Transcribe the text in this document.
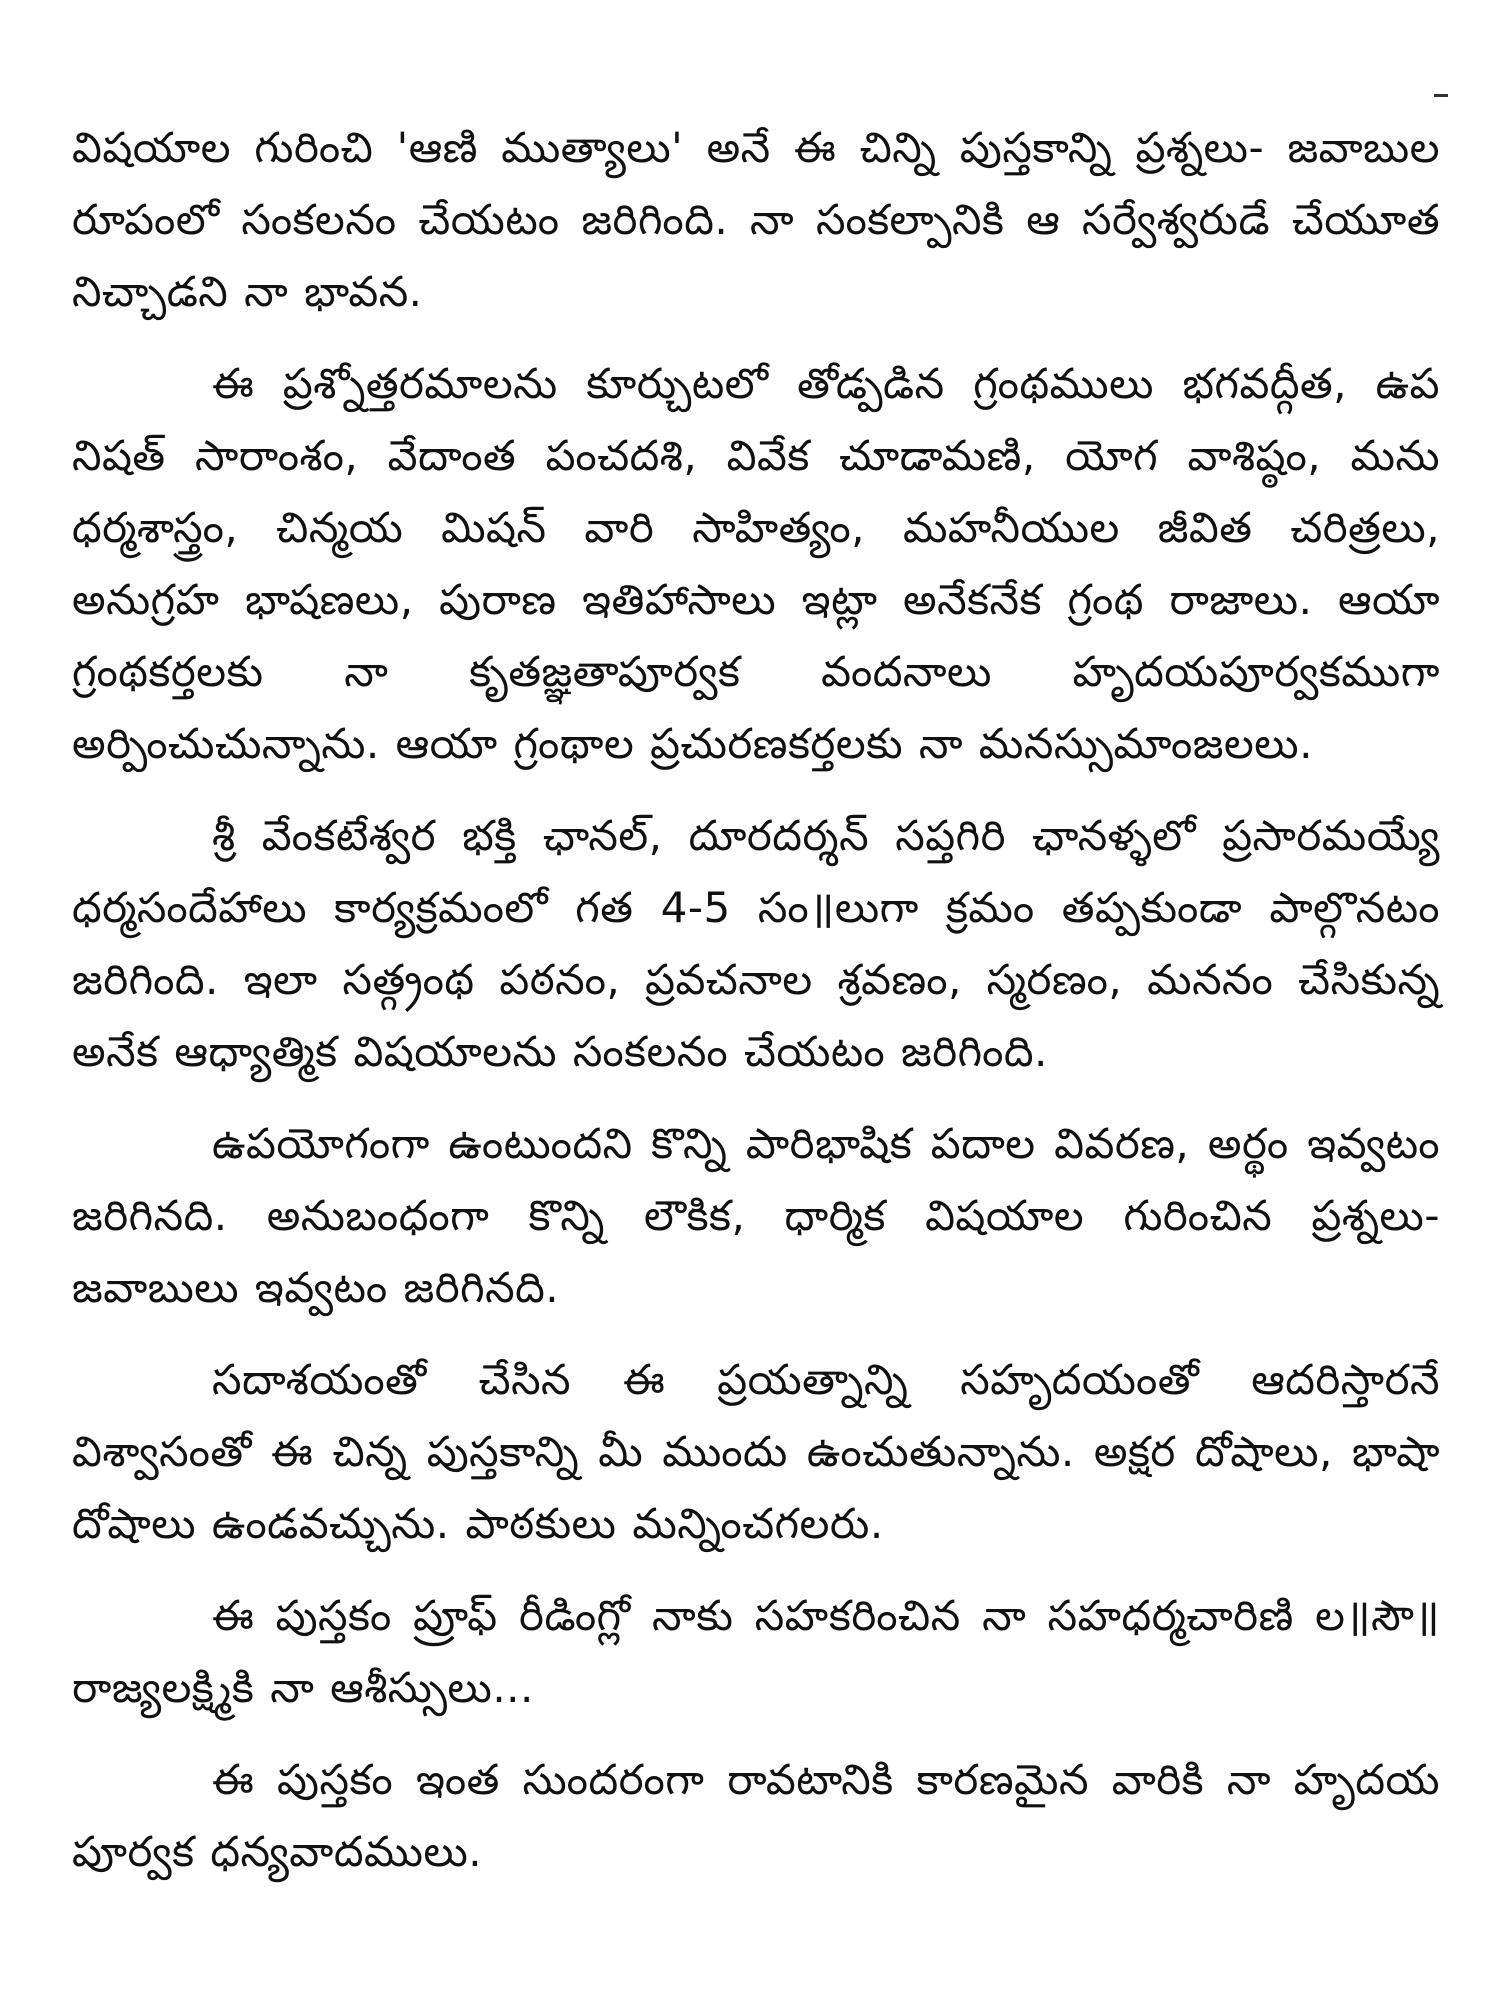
విషయాల గురించి 'ఆణి ముత్యాలు' అనే ఈ చిన్ని పుస్తకాన్ని ప్రశ్నలు- జవాబుల రూపంలో సంకలనం చేయటం జరిగింది. నా సంకల్పానికి ఆ సర్వేశ్వరుడే చేయూత నిచ్చాడని నా భావన.

ఈ ప్రశ్నోత్తరమాలను కూర్చుటలో తోడ్పడిన గ్రంథములు భగవద్గీత, ఉప నిషత్ సారాంశం, వేదాంత పంచదశి, వివేక చూడామణి, యోగ వాశిష్ఠం, మను ధర్మశాస్త్రం, చిన్మయ మిషన్ వారి సాహిత్యం, మహనీయుల జీవిత చరిత్రలు, అనుగ్రహ భాషణలు, పురాణ ఇతిహాసాలు ఇట్లా అనేకనేక గ్రంథ రాజాలు. ఆయా గ్రంథకర్తలకు నా కృతజ్ఞతాపూర్వక వందనాలు హృదయపూర్వకముగా అర్పించుచున్నాను. ఆయా గ్రంథాల ప్రచురణకర్తలకు నా మనస్సుమాంజలలు.

శ్రీ వేంకటేశ్వర భక్తి ఛానల్, దూరదర్శన్ సప్తగిరి ఛానళ్ళలో ప్రసారమయ్యే ధర్మసందేహాలు కార్యక్రమంలో గత 4-5 సం॥లుగా క్రమం తప్పకుండా పాల్గొనటం జరిగింది. ఇలా సత్గ్రంథ పఠనం, ప్రవచనాల శ్రవణం, స్మరణం, మననం చేసికున్న అనేక ఆధ్యాత్మిక విషయాలను సంకలనం చేయటం జరిగింది.

ఉపయోగంగా ఉంటుందని కొన్ని పారిభాషిక పదాల వివరణ, అర్థం ఇవ్వటం జరిగినది. అనుబంధంగా కొన్ని లౌకిక, ధార్మిక విషయాల గురించిన ప్రశ్నలు- జవాబులు ఇవ్వటం జరిగినది.

సదాశయంతో చేసిన ఈ ప్రయత్నాన్ని సహృదయంతో ఆదరిస్తారనే విశ్వాసంతో ఈ చిన్న పుస్తకాన్ని మీ ముందు ఉంచుతున్నాను. అక్షర దోషాలు, భాషా దోషాలు ఉండవచ్చును. పాఠకులు మన్నించగలరు.

ఈ పుస్తకం ప్రూఫ్ రీడింగ్లో నాకు సహకరించిన నా సహధర్మచారిణి ల॥సౌ॥ రాజ్యలక్ష్మికి నా ఆశీస్సులు...

ఈ పుస్తకం ఇంత సుందరంగా రావటానికి కారణమైన వారికి నా హృదయ పూర్వక ధన్యవాదములు.
